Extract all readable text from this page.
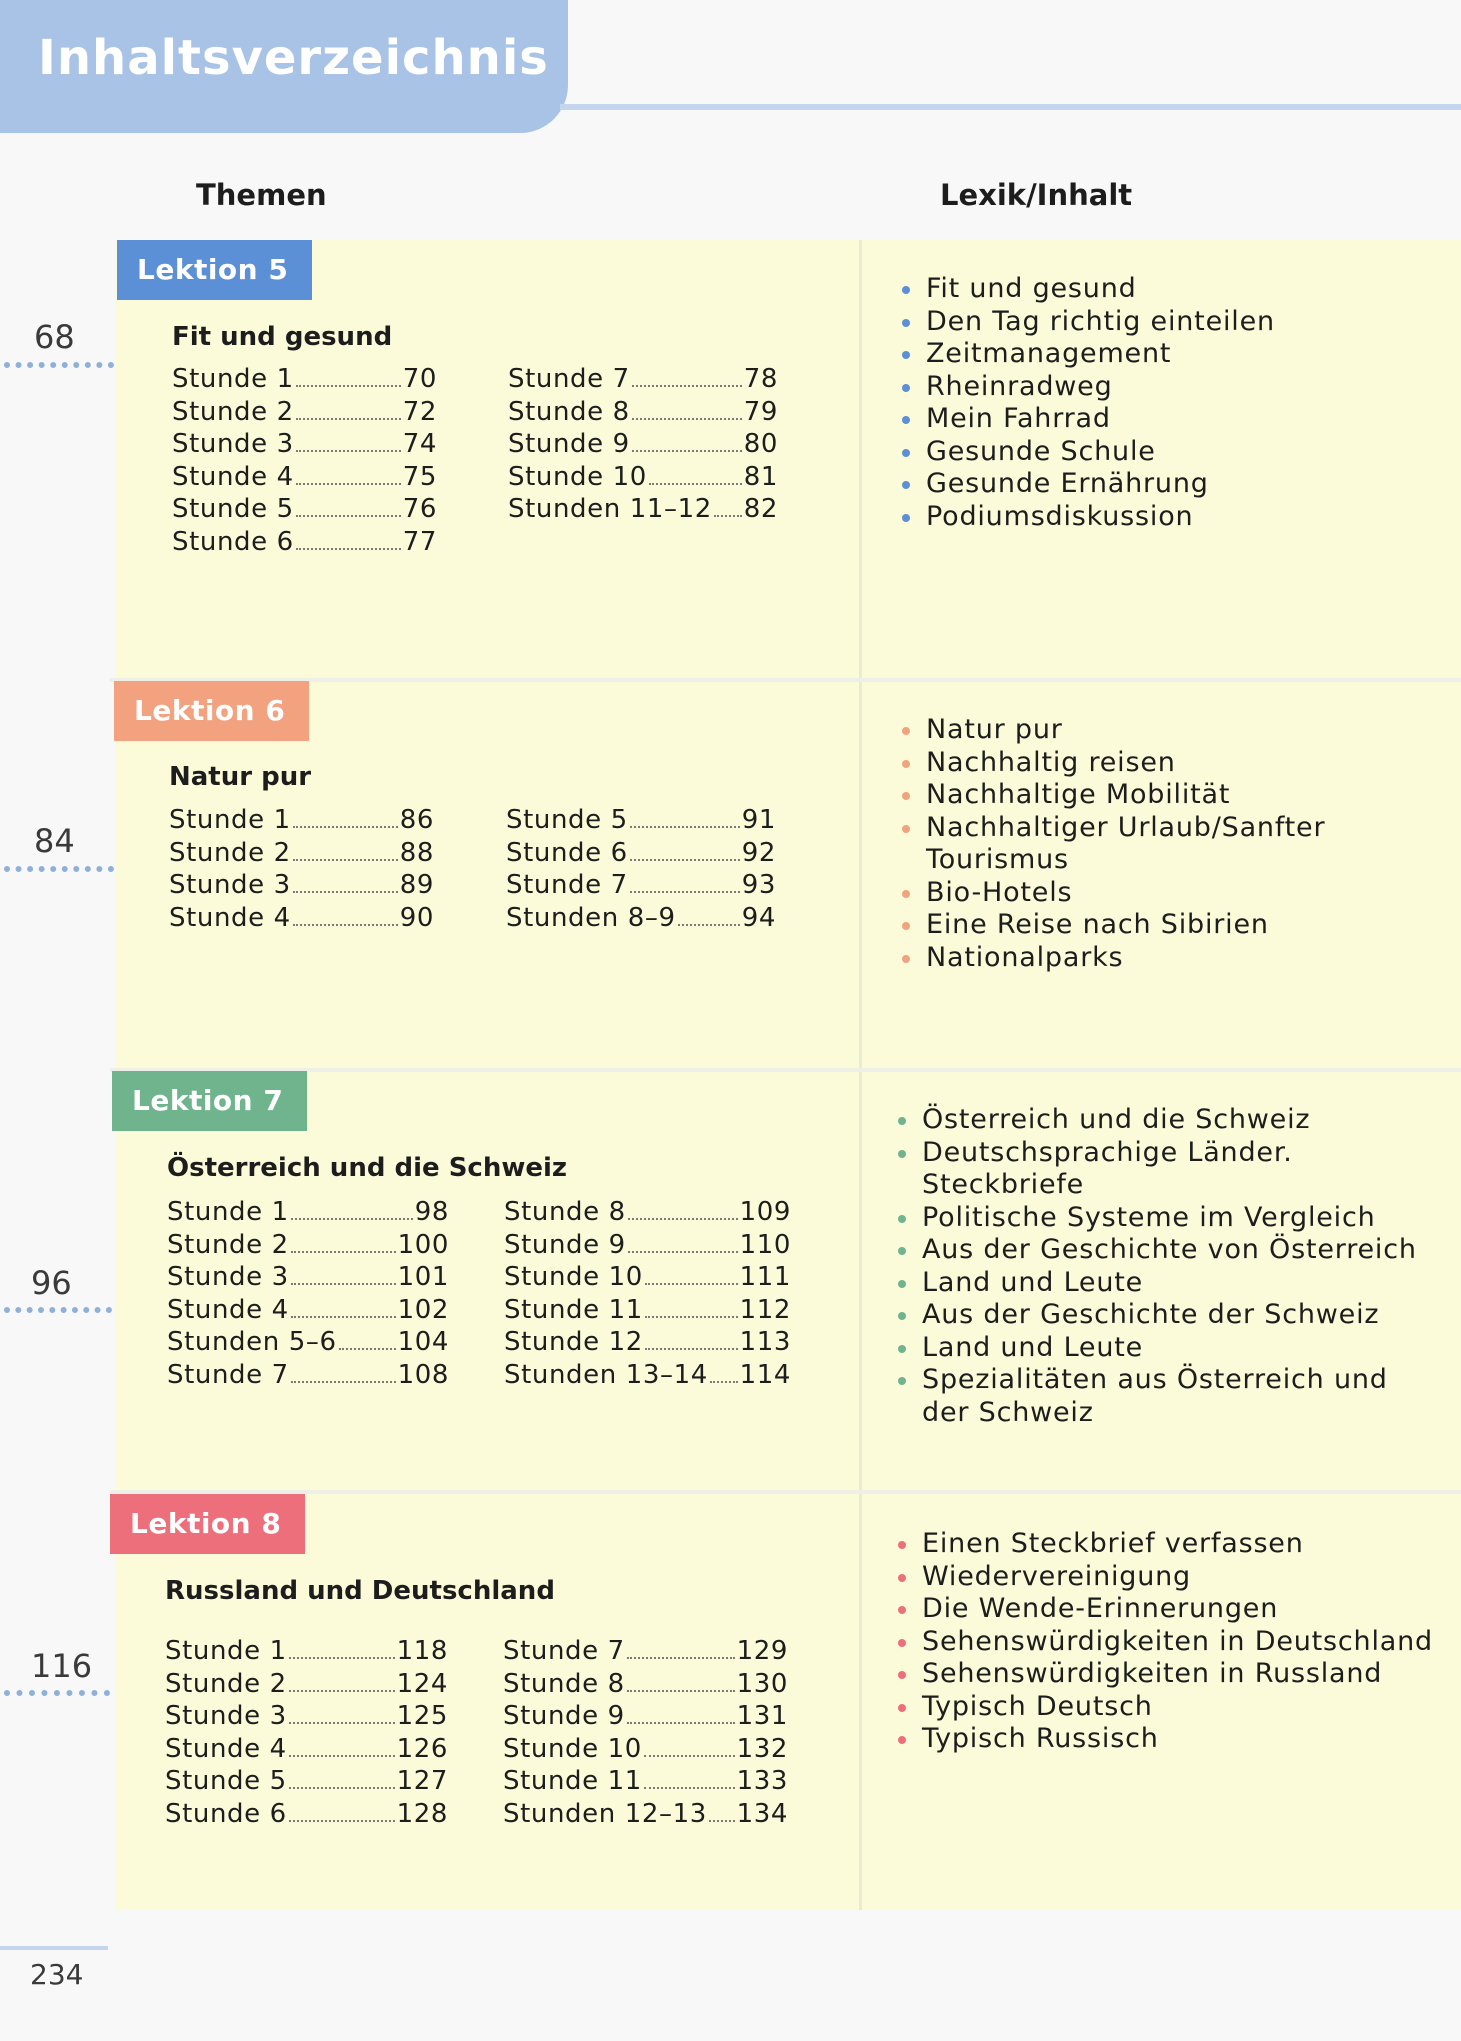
Inhaltsverzeichnis
Themen	Lexik/Inhalt
Lektion 5
68	Fit und gesund
Stunde 1	70
Stunde 2	72
Stunde 3	74
Stunde 4	75
Stunde 5	76
Stunde 6	77
Stunde 7	78
Stunde 8	79
Stunde 9	80
Stunde 10	81
Stunden 11–12 82
Fit und gesund
Den Tag richtig einteilen
Zeitmanagement
Rheinradweg
Mein Fahrrad
Gesunde Schule
Gesunde Ernährung
Podiumsdiskussion
Lektion 6
84
Natur pur
Stunde 1	86
Stunde 2	88
Stunde 3	89
Stunde 4	90
Stunde 5	91
Stunde 6	92
Stunde 7	93
Stunden 8–9	94
Natur pur
Nachhaltig reisen
Nachhaltige Mobilität
Nachhaltiger Urlaub/Sanfter Tourismus
Bio-Hotels
Eine Reise nach Sibirien
Nationalparks
Lektion 7
96
Österreich und die Schweiz
Stunde 1	98
Stunde 2	100
Stunde 3	101
Stunde 4	102
Stunden 5–6 104
Stunde 7	108
Stunde 8	109
Stunde 9	110
Stunde 10	111
Stunde 11	112
Stunde 12	113
Stunden 13–14 114
Österreich und die Schweiz
Deutschsprachige Länder. Steckbriefe
Politische Systeme im Vergleich
Aus der Geschichte von Österreich
Land und Leute
Aus der Geschichte der Schweiz
Land und Leute
Spezialitäten aus Österreich und der Schweiz
Lektion 8
116
Russland und Deutschland
Stunde 1	118
Stunde 2	124
Stunde 3	125
Stunde 4	126
Stunde 5	127
Stunde 6	128
Stunde 7	129
Stunde 8	130
Stunde 9	131
Stunde 10	132
Stunde 11	133
Stunden 12–13 134
Einen Steckbrief verfassen
Wiedervereinigung
Die Wende-Erinnerungen
Sehenswürdigkeiten in Deutschland
Sehenswürdigkeiten in Russland
Typisch Deutsch
Typisch Russisch
234
